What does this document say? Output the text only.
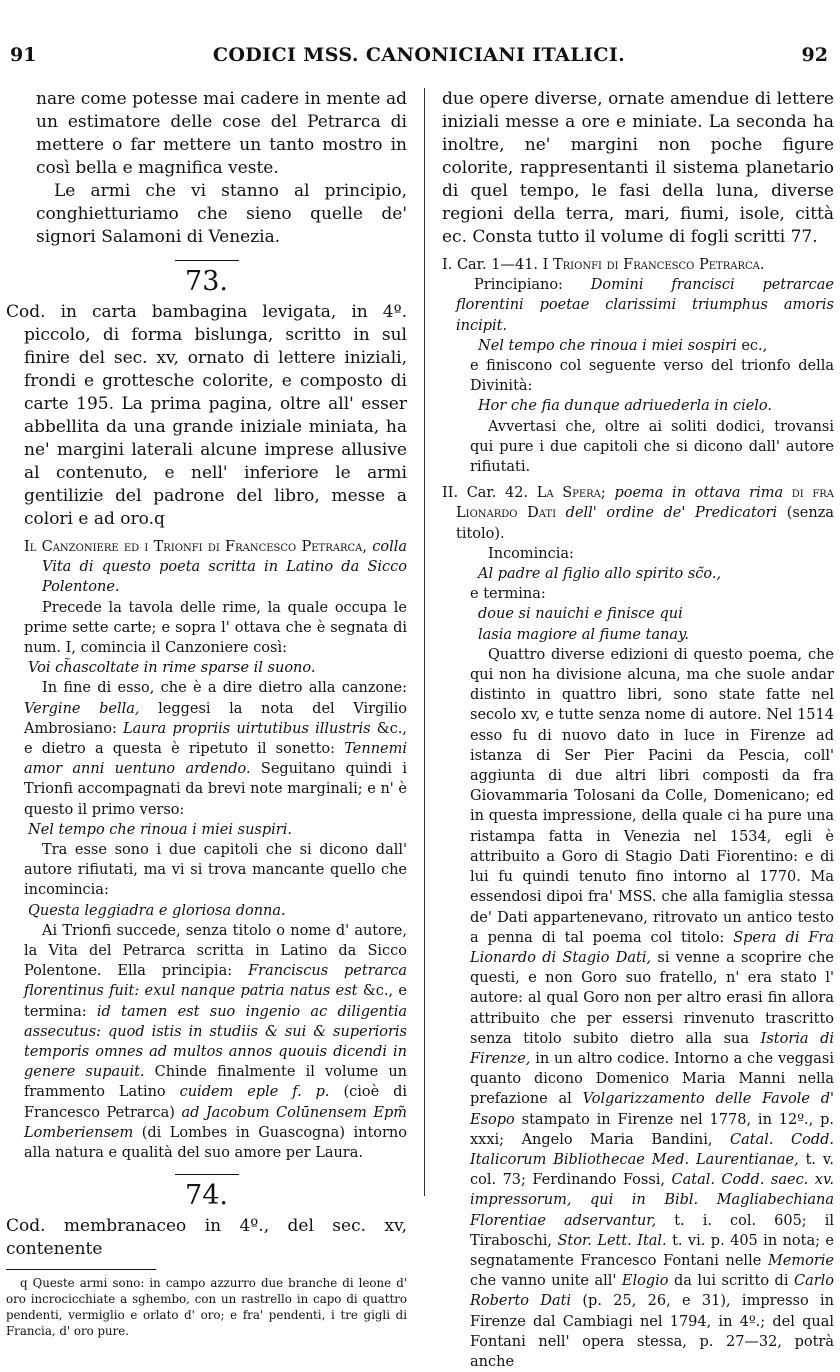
91	CODICI MSS. CANONICIANI ITALICI.	92

nare come potesse mai cadere in mente ad un estimatore delle cose del Petrarca di mettere o far mettere un tanto mostro in così bella e magnifica veste.

Le armi che vi stanno al principio, conghietturiamo che sieno quelle de' signori Salamoni di Venezia.

73.

Cod. in carta bambagina levigata, in 4º. piccolo, di forma bislunga, scritto in sul finire del sec. xv, ornato di lettere iniziali, frondi e grottesche colorite, e composto di carte 195. La prima pagina, oltre all' esser abbellita da una grande iniziale miniata, ha ne' margini laterali alcune imprese allusive al contenuto, e nell' inferiore le armi gentilizie del padrone del libro, messe a colori e ad oro.q

Il Canzoniere ed i Trionfi di Francesco Petrarca, colla Vita di questo poeta scritta in Latino da Sicco Polentone.

Precede la tavola delle rime, la quale occupa le prime sette carte; e sopra l' ottava che è segnata di num. I, comincia il Canzoniere così:

Voi ch̃ascoltate in rime sparse il suono.

In fine di esso, che è a dire dietro alla canzone: Vergine bella, leggesi la nota del Virgilio Ambrosiano: Laura propriis uirtutibus illustris &c., e dietro a questa è ripetuto il sonetto: Tennemi amor anni uentuno ardendo. Seguitano quindi i Trionfi accompagnati da brevi note marginali; e n' è questo il primo verso:

Nel tempo che rinoua i miei suspiri.

Tra esse sono i due capitoli che si dicono dall' autore rifiutati, ma vi si trova mancante quello che incomincia:

Questa leggiadra e gloriosa donna.

Ai Trionfi succede, senza titolo o nome d' autore, la Vita del Petrarca scritta in Latino da Sicco Polentone. Ella principia: Franciscus petrarca florentinus fuit: exul nanque patria natus est &c., e termina: id tamen est suo ingenio ac diligentia assecutus: quod istis in studiis & sui & superioris temporis omnes ad multos annos quouis dicendi in genere supauit. Chinde finalmente il volume un frammento Latino cuidem eple f. p. (cioè di Francesco Petrarca) ad Jacobum Colūnensem Epm̃ Lomberiensem (di Lombes in Guascogna) intorno alla natura e qualità del suo amore per Laura.

74.

Cod. membranaceo in 4º., del sec. xv, contenente

q Queste armi sono: in campo azzurro due branche di leone d' oro incrocicchiate a sghembo, con un rastrello in capo di quattro pendenti, vermiglio e orlato d' oro; e fra' pendenti, i tre gigli di Francia, d' oro pure.

due opere diverse, ornate amendue di lettere iniziali messe a ore e miniate. La seconda ha inoltre, ne' margini non poche figure colorite, rappresentanti il sistema planetario di quel tempo, le fasi della luna, diverse regioni della terra, mari, fiumi, isole, città ec. Consta tutto il volume di fogli scritti 77.

I. Car. 1—41. I Trionfi di Francesco Petrarca.

Principiano: Domini francisci petrarcae florentini poetae clarissimi triumphus amoris incipit.

Nel tempo che rinoua i miei sospiri ec.,

e finiscono col seguente verso del trionfo della Divinità:

Hor che fia dunque adriuederla in cielo.

Avvertasi che, oltre ai soliti dodici, trovansi qui pure i due capitoli che si dicono dall' autore rifiutati.

II. Car. 42. La Spera; poema in ottava rima di fra Lionardo Dati dell' ordine de' Predicatori (senza titolo).

Incomincia:

Al padre al figlio allo spirito sc̃o.,

e termina:

doue si nauichi e finisce qui

lasia magiore al fiume tanay.

Quattro diverse edizioni di questo poema, che qui non ha divisione alcuna, ma che suole andar distinto in quattro libri, sono state fatte nel secolo xv, e tutte senza nome di autore. Nel 1514 esso fu di nuovo dato in luce in Firenze ad istanza di Ser Pier Pacini da Pescia, coll' aggiunta di due altri libri composti da fra Giovammaria Tolosani da Colle, Domenicano; ed in questa impressione, della quale ci ha pure una ristampa fatta in Venezia nel 1534, egli è attribuito a Goro di Stagio Dati Fiorentino: e di lui fu quindi tenuto fino intorno al 1770. Ma essendosi dipoi fra' MSS. che alla famiglia stessa de' Dati appartenevano, ritrovato un antico testo a penna di tal poema col titolo: Spera di Fra Lionardo di Stagio Dati, si venne a scoprire che questi, e non Goro suo fratello, n' era stato l' autore: al qual Goro non per altro erasi fin allora attribuito che per essersi rinvenuto trascritto senza titolo subito dietro alla sua Istoria di Firenze, in un altro codice. Intorno a che veggasi quanto dicono Domenico Maria Manni nella prefazione al Volgarizzamento delle Favole d' Esopo stampato in Firenze nel 1778, in 12º., p. xxxi; Angelo Maria Bandini, Catal. Codd. Italicorum Bibliothecae Med. Laurentianae, t. v. col. 73; Ferdinando Fossi, Catal. Codd. saec. xv. impressorum, qui in Bibl. Magliabechiana Florentiae adservantur, t. i. col. 605; il Tiraboschi, Stor. Lett. Ital. t. vi. p. 405 in nota; e segnatamente Francesco Fontani nelle Memorie che vanno unite all' Elogio da lui scritto di Carlo Roberto Dati (p. 25, 26, e 31), impresso in Firenze dal Cambiagi nel 1794, in 4º.; del qual Fontani nell' opera stessa, p. 27—32, potrà anche
